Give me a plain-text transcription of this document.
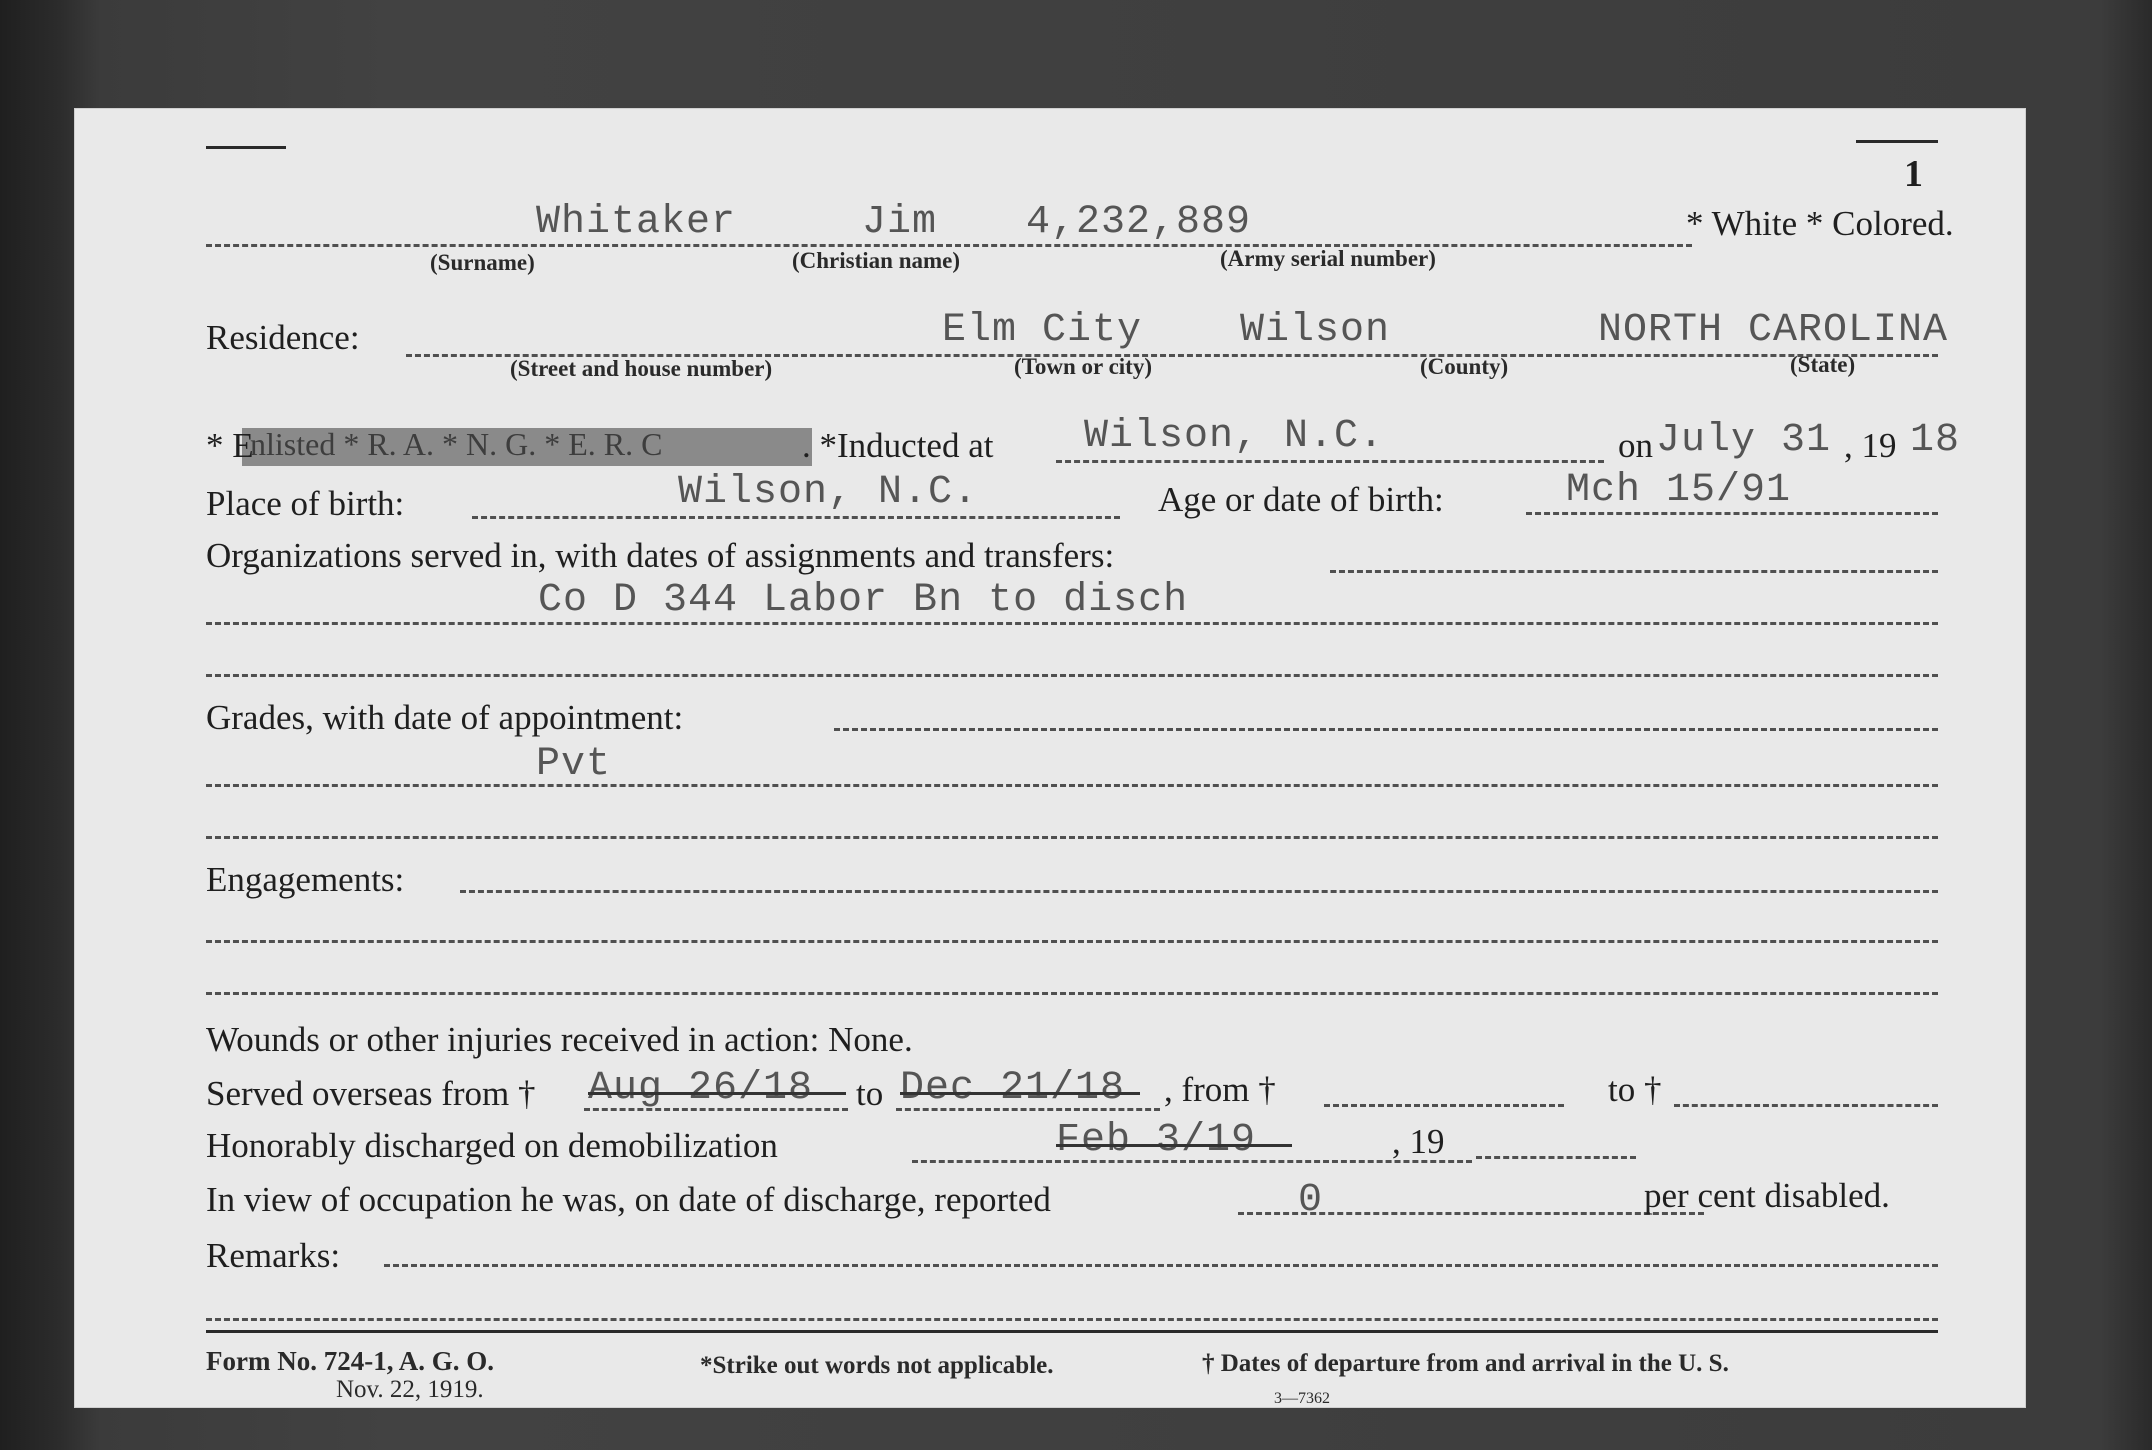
1
Whitaker	Jim 4,232,889	* White * Colored.
(Surname)	(Christian name)	(Army serial number)
Residence:	Elm City Wilson	NORTH CAROLINA
(Street and house number)	(Town or city)	(County)	(State)
* E
nlisted * R. A. * N. G. * E. R. C	. *Inducted at Wilson, N.C.	on July 31 , 19 18
Place of birth:	Wilson, N.C.	Age or date of birth:	Mch 15/91
Organizations served in, with dates of assignments and transfers:
Co D 344 Labor Bn to disch
Grades, with date of appointment:
Pvt
Engagements:
Wounds or other injuries received in action: None.
Served overseas from † Aug 26/18 to Dec 21/18 , from †	to †
Honorably discharged on demobilization	Feb 3/19	, 19
In view of occupation he was, on date of discharge, reported	0	per cent disabled.
Remarks:
Form No. 724-1, A. G. O.
Nov. 22, 1919.
*Strike out words not applicable.	† Dates of departure from and arrival in the U. S.
3—7362
